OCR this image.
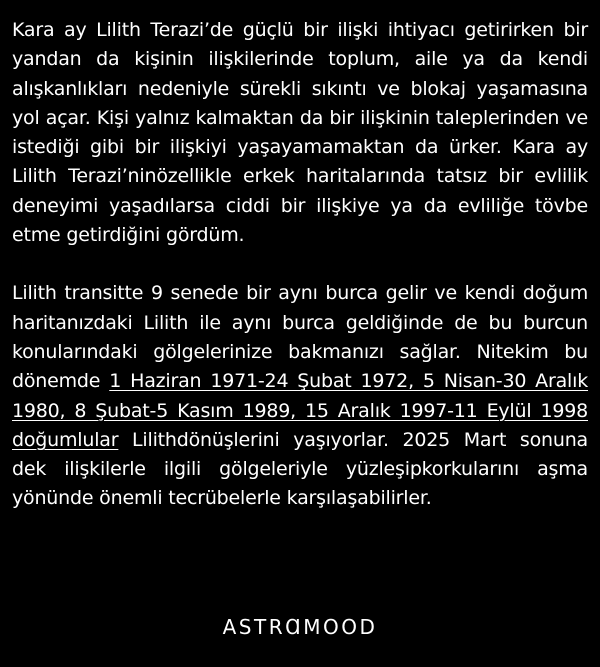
Kara ay Lilith Terazi’de güçlü bir ilişki ihtiyacı getirirken bir yandan da kişinin ilişkilerinde toplum, aile ya da kendi alışkanlıkları nedeniyle sürekli sıkıntı ve blokaj yaşamasına yol açar. Kişi yalnız kalmaktan da bir ilişkinin taleplerinden ve istediği gibi bir ilişkiyi yaşayamamaktan da ürker. Kara ay Lilith Terazi’ninözellikle erkek haritalarında tatsız bir evlilik deneyimi yaşadılarsa ciddi bir ilişkiye ya da evliliğe tövbe etme getirdiğini gördüm.

Lilith transitte 9 senede bir aynı burca gelir ve kendi doğum haritanızdaki Lilith ile aynı burca geldiğinde de bu burcun konularındaki gölgelerinize bakmanızı sağlar. Nitekim bu dönemde 1 Haziran 1971-24 Şubat 1972, 5 Nisan-30 Aralık 1980, 8 Şubat-5 Kasım 1989, 15 Aralık 1997-11 Eylül 1998 doğumlular Lilithdönüşlerini yaşıyorlar. 2025 Mart sonuna dek ilişkilerle ilgili gölgeleriyle yüzleşipkorkularını aşma yönünde önemli tecrübelerle karşılaşabilirler.

ASTRⱭMOOD
